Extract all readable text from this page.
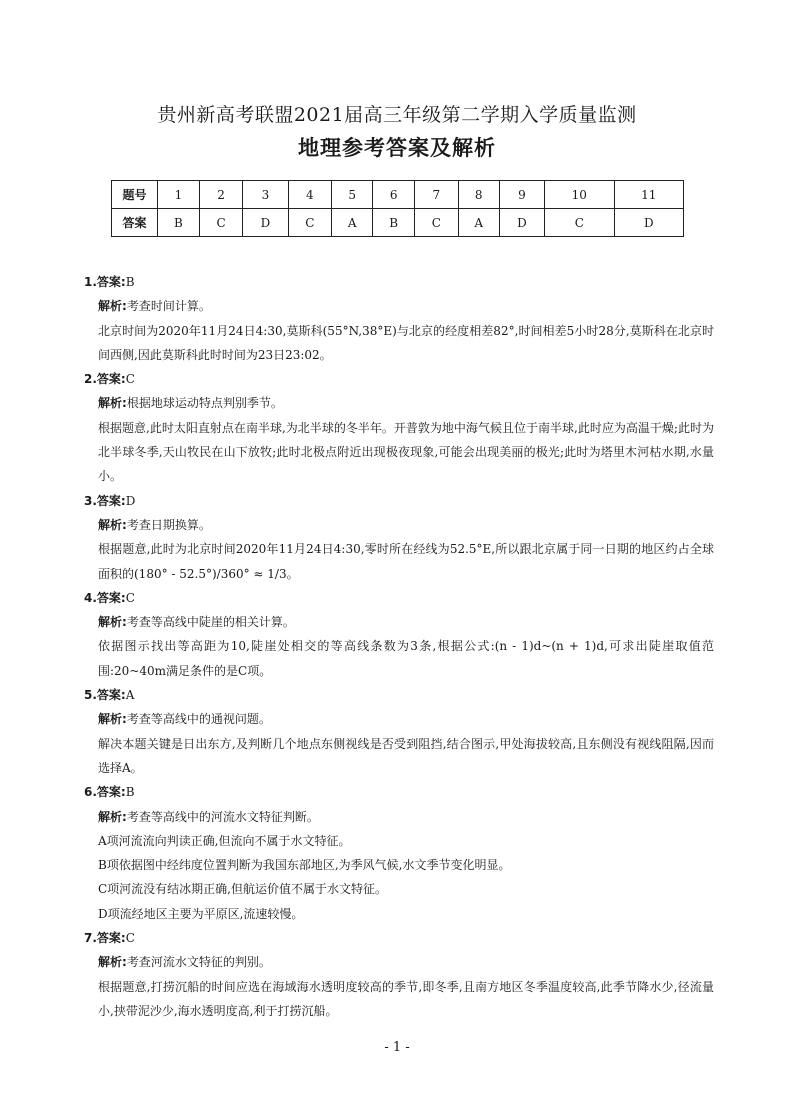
贵州新高考联盟2021届高三年级第二学期入学质量监测
地理参考答案及解析
题号	1	2	3	4	5	6	7	8	9	10	11
答案	B	C	D	C	A	B	C	A	D	C	D
1.答案:B
解析:考查时间计算。
北京时间为2020年11月24日4:30,莫斯科(55°N,38°E)与北京的经度相差82°,时间相差5小时28分,莫斯科在北京时间西侧,因此莫斯科此时时间为23日23:02。
2.答案:C
解析:根据地球运动特点判别季节。
根据题意,此时太阳直射点在南半球,为北半球的冬半年。开普敦为地中海气候且位于南半球,此时应为高温干燥;此时为北半球冬季,天山牧民在山下放牧;此时北极点附近出现极夜现象,可能会出现美丽的极光;此时为塔里木河枯水期,水量小。
3.答案:D
解析:考查日期换算。
根据题意,此时为北京时间2020年11月24日4:30,零时所在经线为52.5°E,所以跟北京属于同一日期的地区约占全球面积的(180° - 52.5°)/360° ≈ 1/3。
4.答案:C
解析:考查等高线中陡崖的相关计算。
依据图示找出等高距为10,陡崖处相交的等高线条数为3条,根据公式:(n - 1)d~(n + 1)d,可求出陡崖取值范围:20~40m满足条件的是C项。
5.答案:A
解析:考查等高线中的通视问题。
解决本题关键是日出东方,及判断几个地点东侧视线是否受到阻挡,结合图示,甲处海拔较高,且东侧没有视线阻隔,因而选择A。
6.答案:B
解析:考查等高线中的河流水文特征判断。
A项河流流向判读正确,但流向不属于水文特征。
B项依据图中经纬度位置判断为我国东部地区,为季风气候,水文季节变化明显。
C项河流没有结冰期正确,但航运价值不属于水文特征。
D项流经地区主要为平原区,流速较慢。
7.答案:C
解析:考查河流水文特征的判别。
根据题意,打捞沉船的时间应选在海域海水透明度较高的季节,即冬季,且南方地区冬季温度较高,此季节降水少,径流量小,挟带泥沙少,海水透明度高,利于打捞沉船。
- 1 -
